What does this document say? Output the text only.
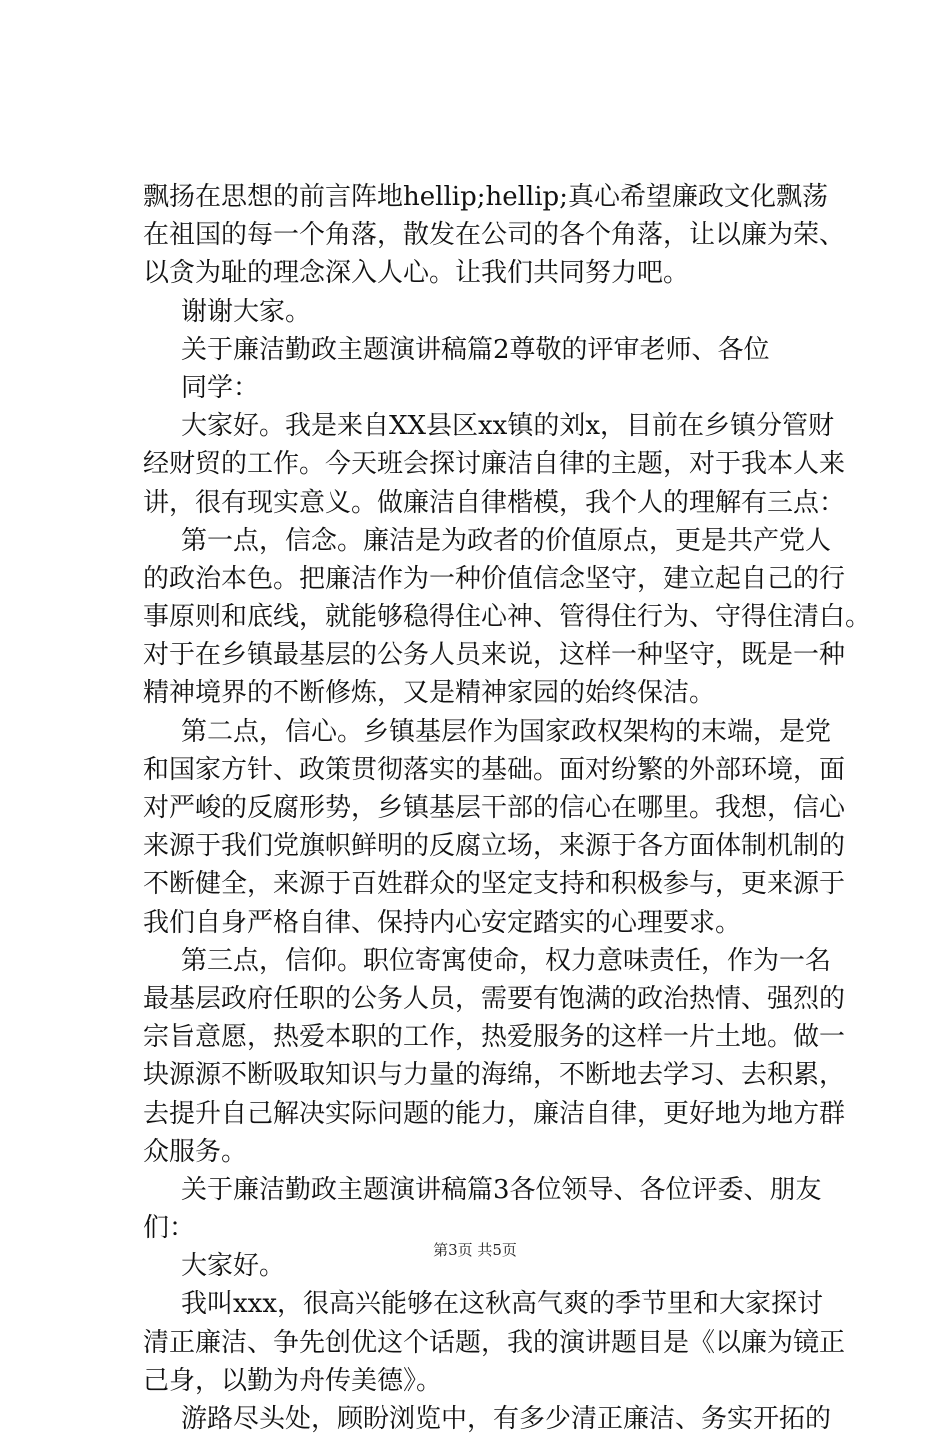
飘扬在思想的前言阵地hellip;hellip;真心希望廉政文化飘荡
在祖国的每一个角落，散发在公司的各个角落，让以廉为荣、
以贪为耻的理念深入人心。让我们共同努力吧。
谢谢大家。
关于廉洁勤政主题演讲稿篇2尊敬的评审老师、各位
同学：
大家好。我是来自XX县区xx镇的刘x，目前在乡镇分管财
经财贸的工作。今天班会探讨廉洁自律的主题，对于我本人来
讲，很有现实意义。做廉洁自律楷模，我个人的理解有三点：
第一点，信念。廉洁是为政者的价值原点，更是共产党人
的政治本色。把廉洁作为一种价值信念坚守，建立起自己的行
事原则和底线，就能够稳得住心神、管得住行为、守得住清白。
对于在乡镇最基层的公务人员来说，这样一种坚守，既是一种
精神境界的不断修炼，又是精神家园的始终保洁。
第二点，信心。乡镇基层作为国家政权架构的末端，是党
和国家方针、政策贯彻落实的基础。面对纷繁的外部环境，面
对严峻的反腐形势，乡镇基层干部的信心在哪里。我想，信心
来源于我们党旗帜鲜明的反腐立场，来源于各方面体制机制的
不断健全，来源于百姓群众的坚定支持和积极参与，更来源于
我们自身严格自律、保持内心安定踏实的心理要求。
第三点，信仰。职位寄寓使命，权力意味责任，作为一名
最基层政府任职的公务人员，需要有饱满的政治热情、强烈的
宗旨意愿，热爱本职的工作，热爱服务的这样一片土地。做一
块源源不断吸取知识与力量的海绵，不断地去学习、去积累，
去提升自己解决实际问题的能力，廉洁自律，更好地为地方群
众服务。
关于廉洁勤政主题演讲稿篇3各位领导、各位评委、朋友
们：
大家好。
我叫xxx，很高兴能够在这秋高气爽的季节里和大家探讨
清正廉洁、争先创优这个话题，我的演讲题目是《以廉为镜正
己身，以勤为舟传美德》。
游路尽头处，顾盼浏览中，有多少清正廉洁、务实开拓的
第3页 共5页
